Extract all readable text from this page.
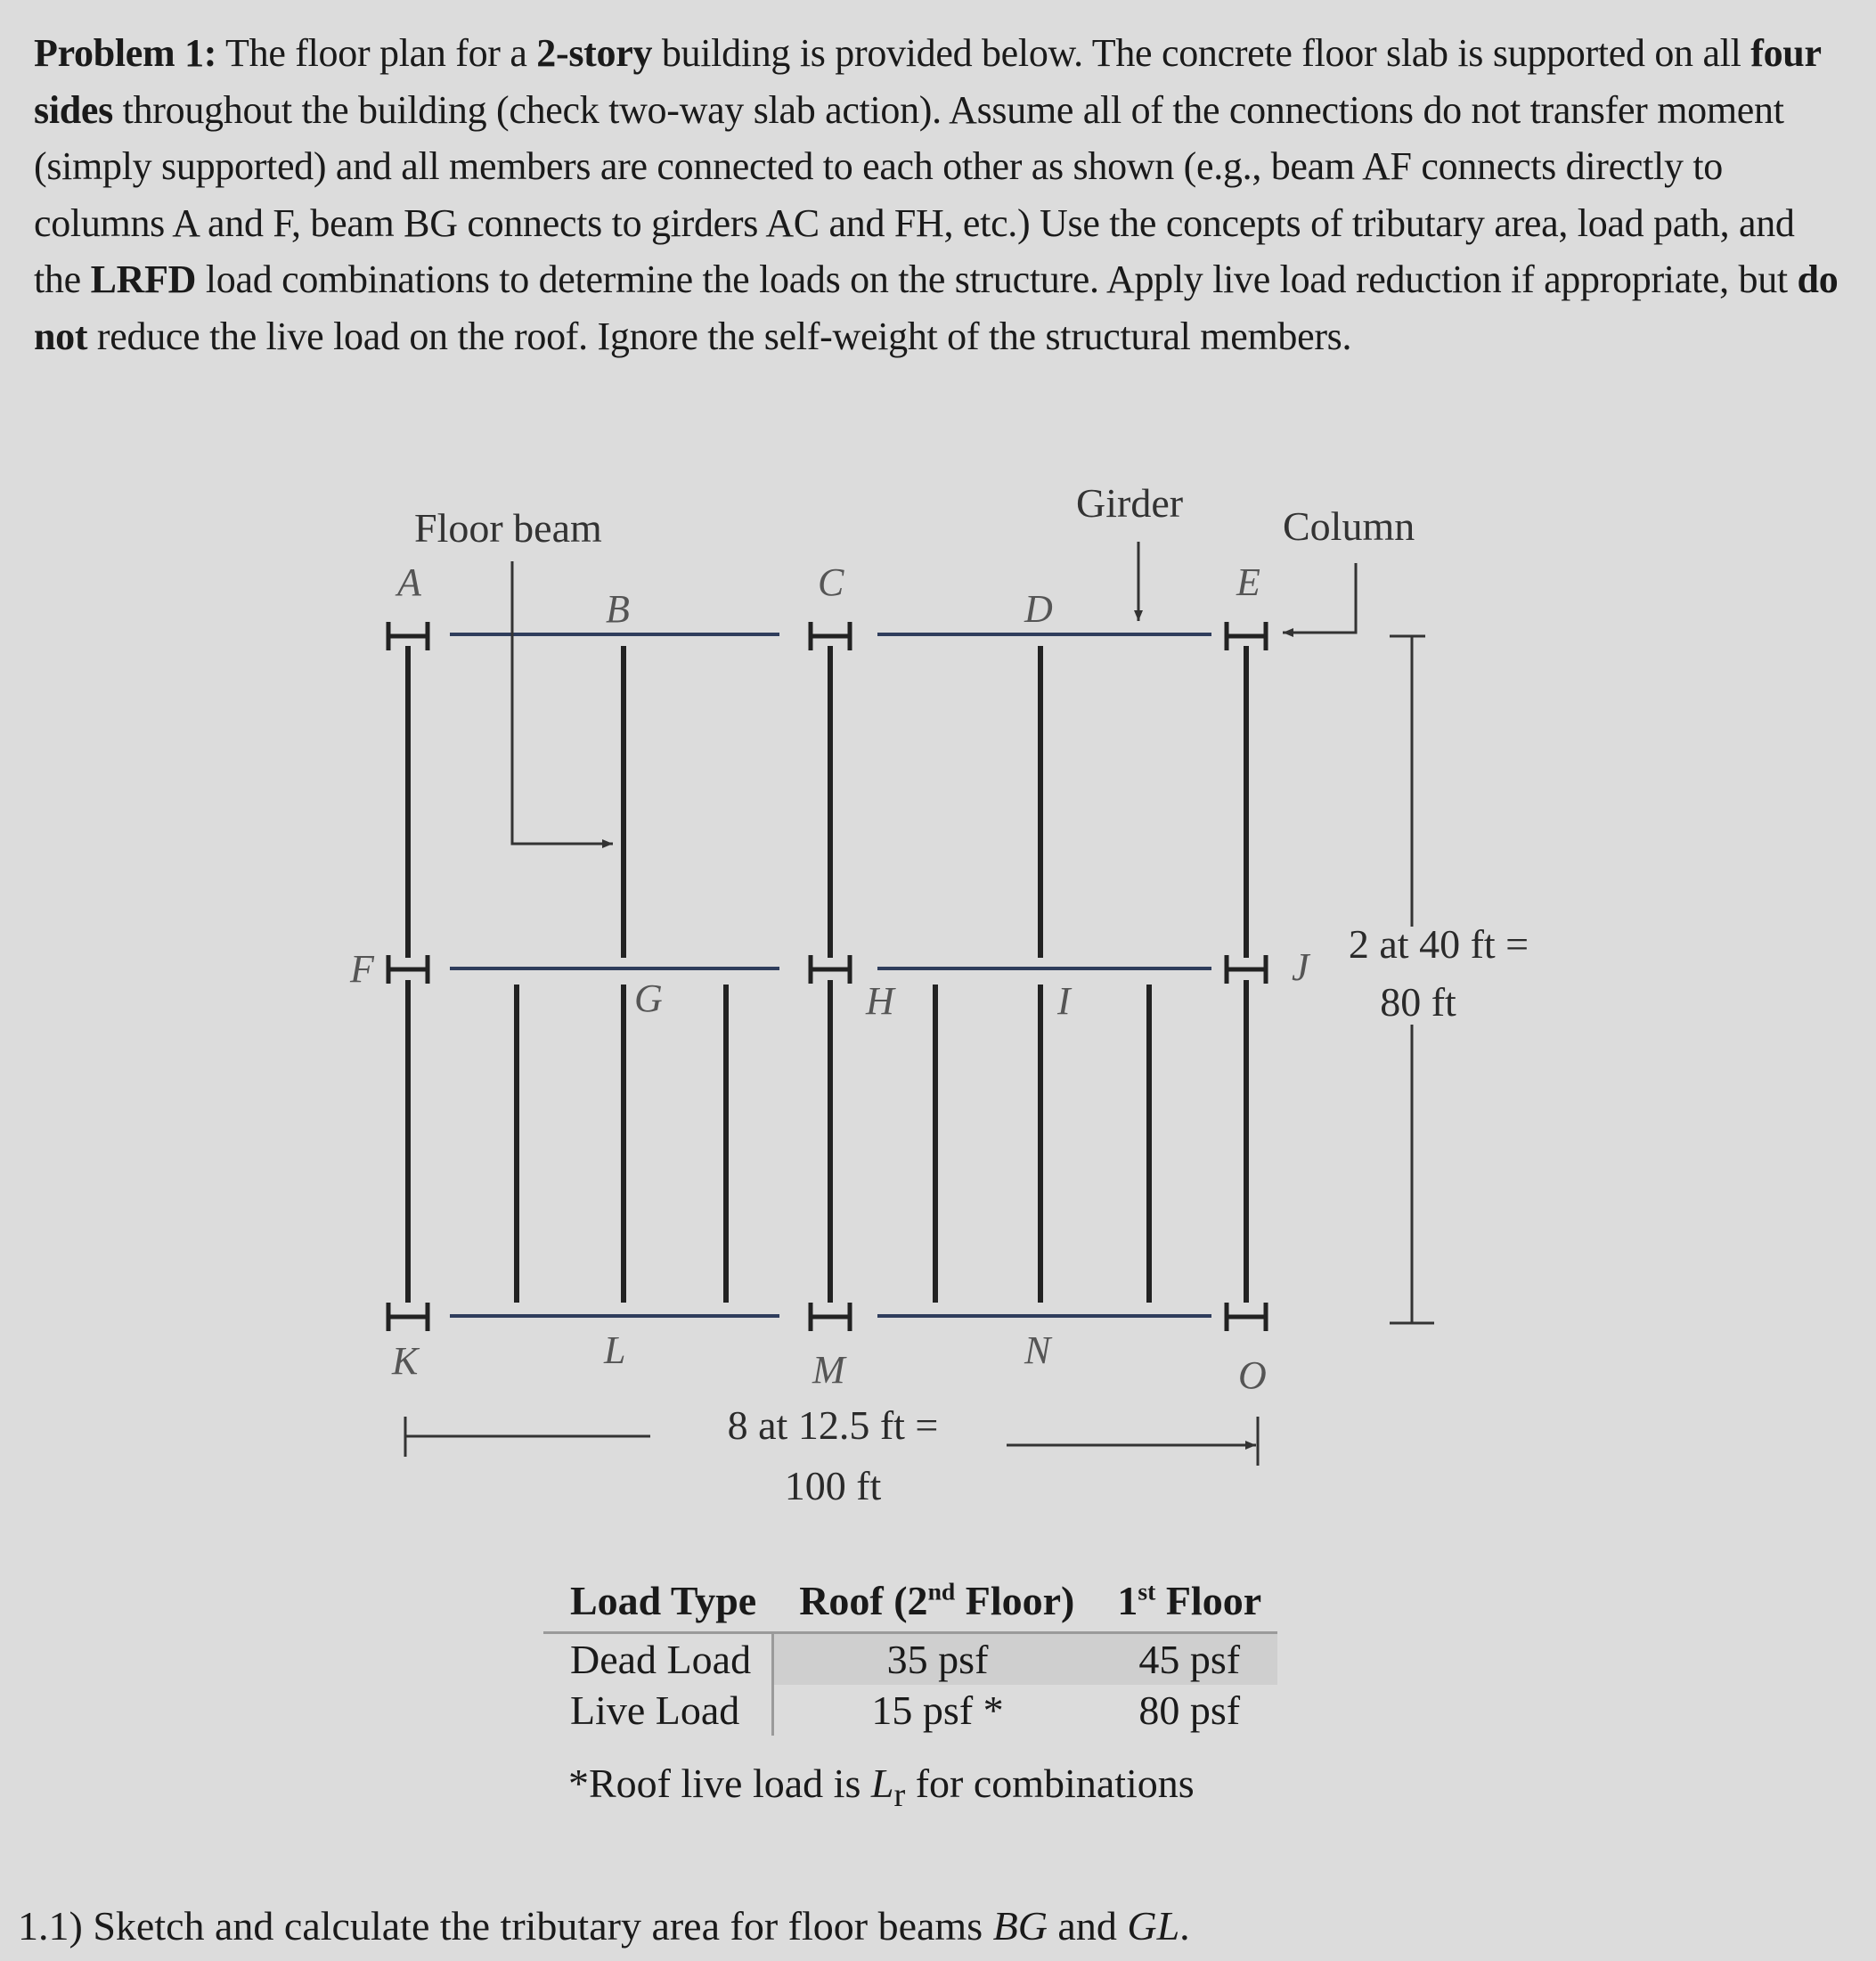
Problem 1: The floor plan for a 2-story building is provided below. The concrete floor slab is supported on all four sides throughout the building (check two-way slab action). Assume all of the connections do not transfer moment (simply supported) and all members are connected to each other as shown (e.g., beam AF connects directly to columns A and F, beam BG connects to girders AC and FH, etc.) Use the concepts of tributary area, load path, and the LRFD load combinations to determine the loads on the structure. Apply live load reduction if appropriate, but do not reduce the live load on the roof. Ignore the self-weight of the structural members.
Floor beam
Girder
Column
A
B
C
D
E
F
G	H	I
J
K	L	M	N
O
8 at 12.5 ft =
100 ft
2 at 40 ft =
80 ft
Load Type	Roof (2nd Floor)	1st Floor
Dead Load	35 psf	45 psf
Live Load	15 psf *	80 psf
*Roof live load is $L_r$ for combinations
1.1) Sketch and calculate the tributary area for floor beams BG and GL.
